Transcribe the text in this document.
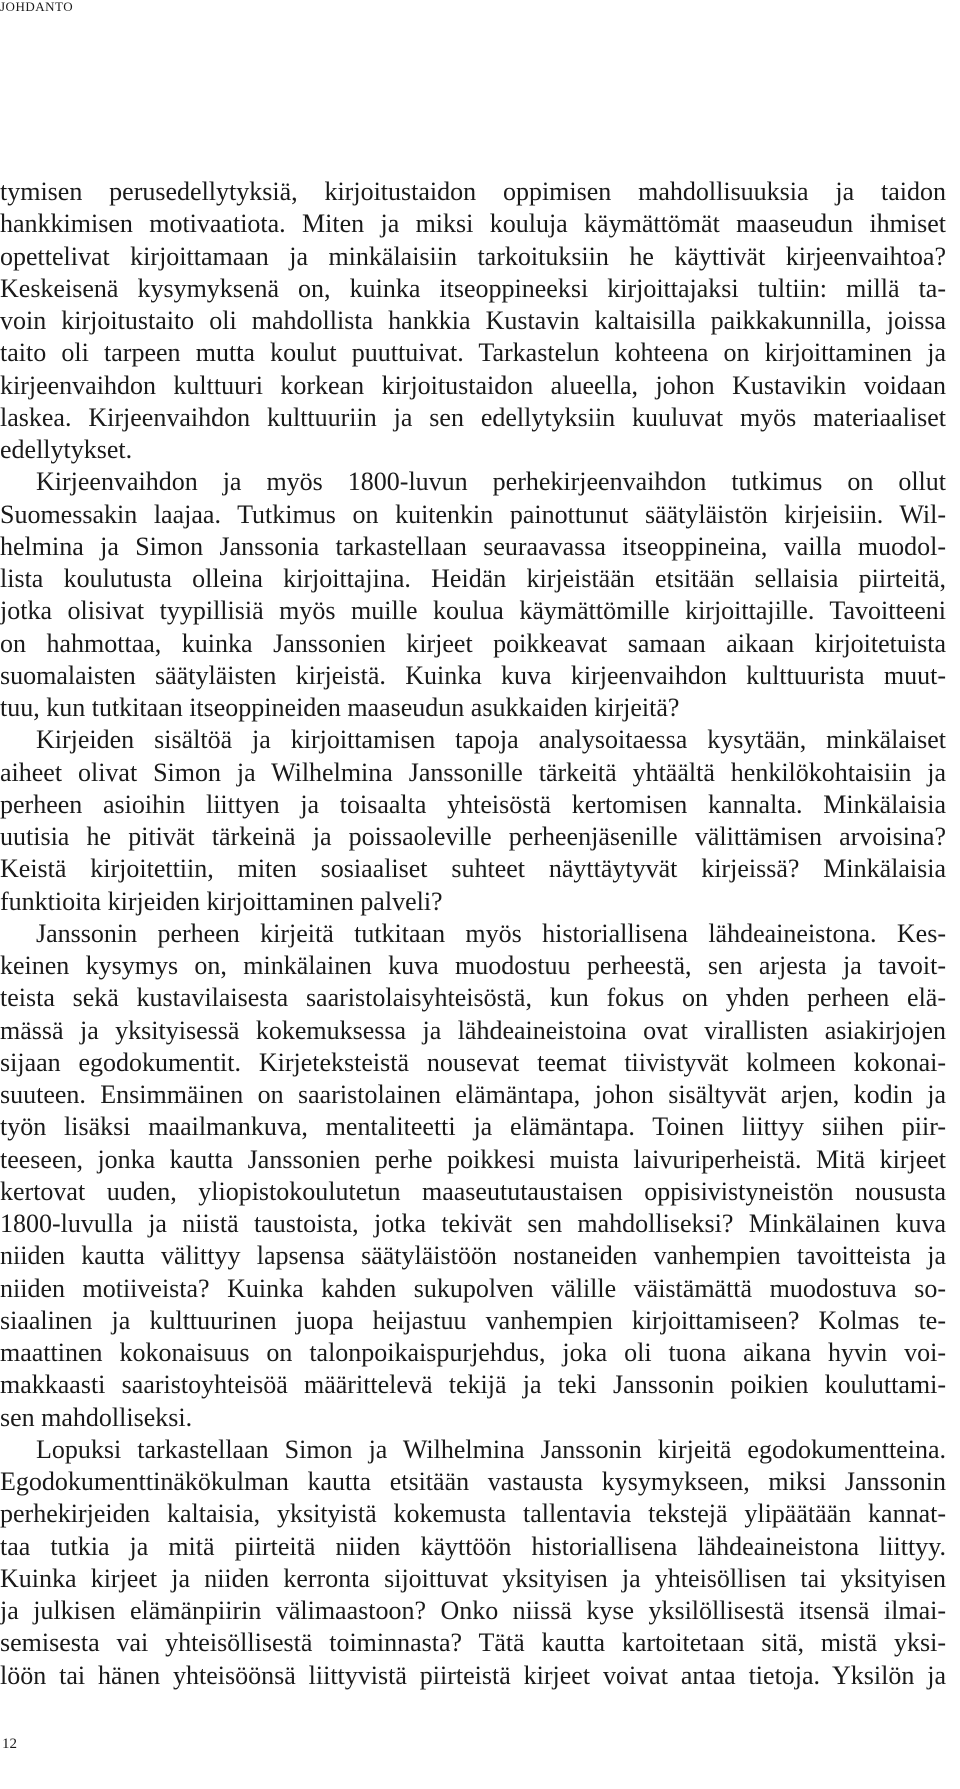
JOHDANTO
tymisen perusedellytyksiä, kirjoitustaidon oppimisen mahdollisuuksia ja taidon
hankkimisen motivaatiota. Miten ja miksi kouluja käymättömät maaseudun ihmiset
opettelivat kirjoittamaan ja minkälaisiin tarkoituksiin he käyttivät kirjeenvaihtoa?
Keskeisenä kysymyksenä on, kuinka itseoppineeksi kirjoittajaksi tultiin: millä ta-
voin kirjoitustaito oli mahdollista hankkia Kustavin kaltaisilla paikkakunnilla, joissa
taito oli tarpeen mutta koulut puuttuivat. Tarkastelun kohteena on kirjoittaminen ja
kirjeenvaihdon kulttuuri korkean kirjoitustaidon alueella, johon Kustavikin voidaan
laskea. Kirjeenvaihdon kulttuuriin ja sen edellytyksiin kuuluvat myös materiaaliset
edellytykset.
Kirjeenvaihdon ja myös 1800-luvun perhekirjeenvaihdon tutkimus on ollut
Suomessakin laajaa. Tutkimus on kuitenkin painottunut säätyläistön kirjeisiin. Wil-
helmina ja Simon Janssonia tarkastellaan seuraavassa itseoppineina, vailla muodol-
lista koulutusta olleina kirjoittajina. Heidän kirjeistään etsitään sellaisia piirteitä,
jotka olisivat tyypillisiä myös muille koulua käymättömille kirjoittajille. Tavoitteeni
on hahmottaa, kuinka Janssonien kirjeet poikkeavat samaan aikaan kirjoitetuista
suomalaisten säätyläisten kirjeistä. Kuinka kuva kirjeenvaihdon kulttuurista muut-
tuu, kun tutkitaan itseoppineiden maaseudun asukkaiden kirjeitä?
Kirjeiden sisältöä ja kirjoittamisen tapoja analysoitaessa kysytään, minkälaiset
aiheet olivat Simon ja Wilhelmina Janssonille tärkeitä yhtäältä henkilökohtaisiin ja
perheen asioihin liittyen ja toisaalta yhteisöstä kertomisen kannalta. Minkälaisia
uutisia he pitivät tärkeinä ja poissaoleville perheenjäsenille välittämisen arvoisina?
Keistä kirjoitettiin, miten sosiaaliset suhteet näyttäytyvät kirjeissä? Minkälaisia
funktioita kirjeiden kirjoittaminen palveli?
Janssonin perheen kirjeitä tutkitaan myös historiallisena lähdeaineistona. Kes-
keinen kysymys on, minkälainen kuva muodostuu perheestä, sen arjesta ja tavoit-
teista sekä kustavilaisesta saaristolaisyhteisöstä, kun fokus on yhden perheen elä-
mässä ja yksityisessä kokemuksessa ja lähdeaineistoina ovat virallisten asiakirjojen
sijaan egodokumentit. Kirjeteksteistä nousevat teemat tiivistyvät kolmeen kokonai-
suuteen. Ensimmäinen on saaristolainen elämäntapa, johon sisältyvät arjen, kodin ja
työn lisäksi maailmankuva, mentaliteetti ja elämäntapa. Toinen liittyy siihen piir-
teeseen, jonka kautta Janssonien perhe poikkesi muista laivuriperheistä. Mitä kirjeet
kertovat uuden, yliopistokoulutetun maaseututaustaisen oppisivistyneistön noususta
1800-luvulla ja niistä taustoista, jotka tekivät sen mahdolliseksi? Minkälainen kuva
niiden kautta välittyy lapsensa säätyläistöön nostaneiden vanhempien tavoitteista ja
niiden motiiveista? Kuinka kahden sukupolven välille väistämättä muodostuva so-
siaalinen ja kulttuurinen juopa heijastuu vanhempien kirjoittamiseen? Kolmas te-
maattinen kokonaisuus on talonpoikaispurjehdus, joka oli tuona aikana hyvin voi-
makkaasti saaristoyhteisöä määrittelevä tekijä ja teki Janssonin poikien kouluttami-
sen mahdolliseksi.
Lopuksi tarkastellaan Simon ja Wilhelmina Janssonin kirjeitä egodokumentteina.
Egodokumenttinäkökulman kautta etsitään vastausta kysymykseen, miksi Janssonin
perhekirjeiden kaltaisia, yksityistä kokemusta tallentavia tekstejä ylipäätään kannat-
taa tutkia ja mitä piirteitä niiden käyttöön historiallisena lähdeaineistona liittyy.
Kuinka kirjeet ja niiden kerronta sijoittuvat yksityisen ja yhteisöllisen tai yksityisen
ja julkisen elämänpiirin välimaastoon? Onko niissä kyse yksilöllisestä itsensä ilmai-
semisesta vai yhteisöllisestä toiminnasta? Tätä kautta kartoitetaan sitä, mistä yksi-
löön tai hänen yhteisöönsä liittyvistä piirteistä kirjeet voivat antaa tietoja. Yksilön ja
12
